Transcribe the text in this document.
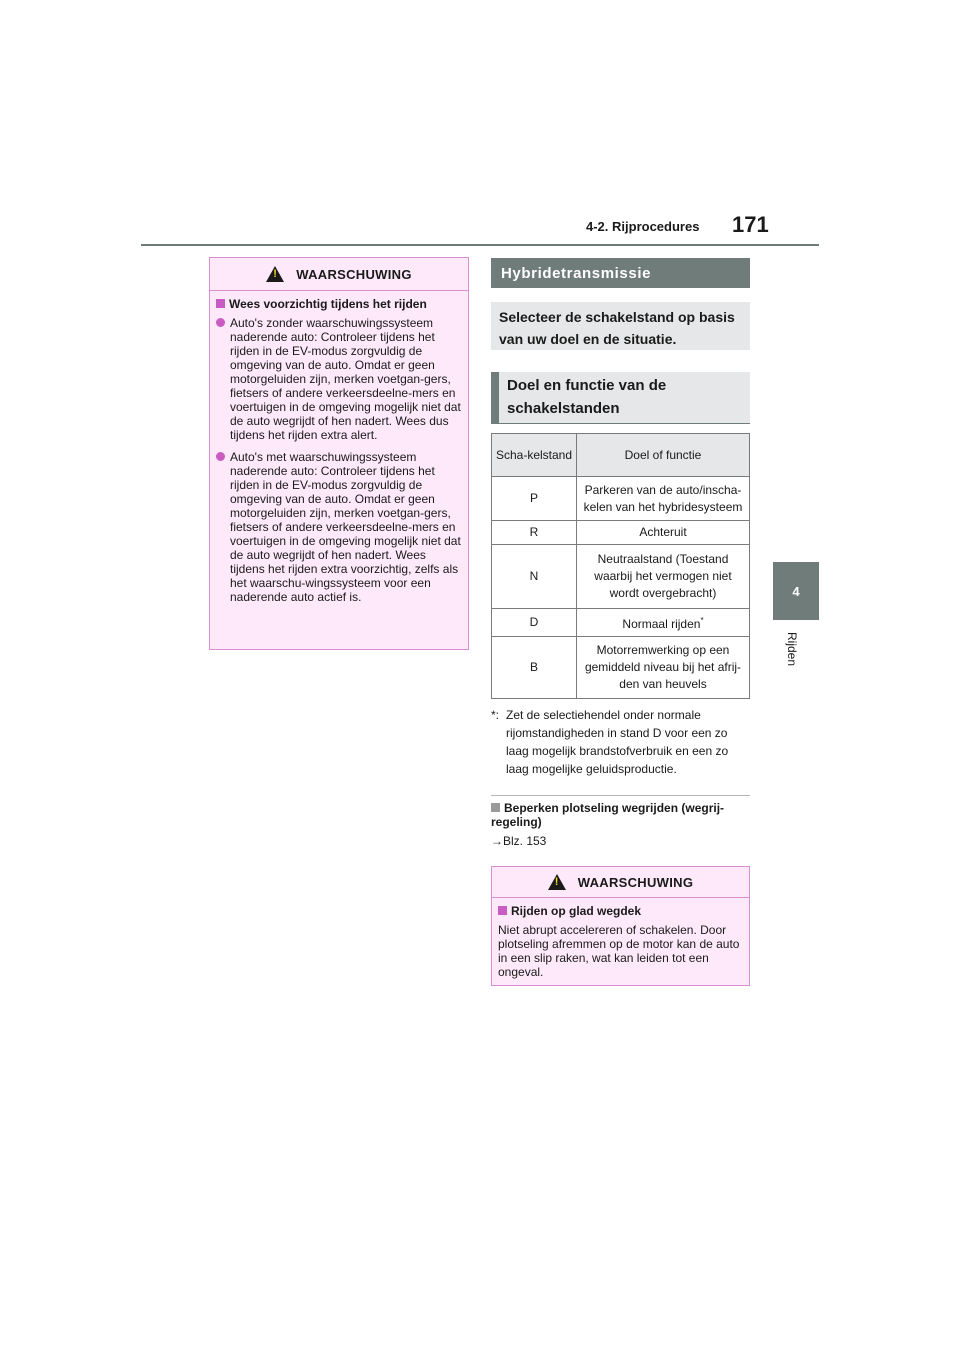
4-2. Rijprocedures 171
4
Rijden
!
WAARSCHUWING
Wees voorzichtig tijdens het rijden
Auto's zonder waarschuwingssysteem naderende auto: Controleer tijdens het rijden in de EV-modus zorgvuldig de omgeving van de auto. Omdat er geen motorgeluiden zijn, merken voetgan-gers, fietsers of andere verkeersdeelne-mers en voertuigen in de omgeving mogelijk niet dat de auto wegrijdt of hen nadert. Wees dus tijdens het rijden extra alert.
Auto's met waarschuwingssysteem naderende auto: Controleer tijdens het rijden in de EV-modus zorgvuldig de omgeving van de auto. Omdat er geen motorgeluiden zijn, merken voetgan-gers, fietsers of andere verkeersdeelne-mers en voertuigen in de omgeving mogelijk niet dat de auto wegrijdt of hen nadert. Wees tijdens het rijden extra voorzichtig, zelfs als het waarschu-wingssysteem voor een naderende auto actief is.
Hybridetransmissie
Selecteer de schakelstand op basis van uw doel en de situatie.
Doel en functie van de schakelstanden
Scha-kelstand	Doel of functie
P	Parkeren van de auto/inscha-kelen van het hybridesysteem
R	Achteruit
N	Neutraalstand (Toestand waarbij het vermogen niet wordt overgebracht)
D	Normaal rijden*
B	Motorremwerking op een gemiddeld niveau bij het afrij-den van heuvels
*: Zet de selectiehendel onder normale rijomstandigheden in stand D voor een zo laag mogelijk brandstofverbruik en een zo laag mogelijke geluidsproductie.
Beperken plotseling wegrijden (wegrij-regeling)
→Blz. 153
!
WAARSCHUWING
Rijden op glad wegdek
Niet abrupt accelereren of schakelen. Door plotseling afremmen op de motor kan de auto in een slip raken, wat kan leiden tot een ongeval.
